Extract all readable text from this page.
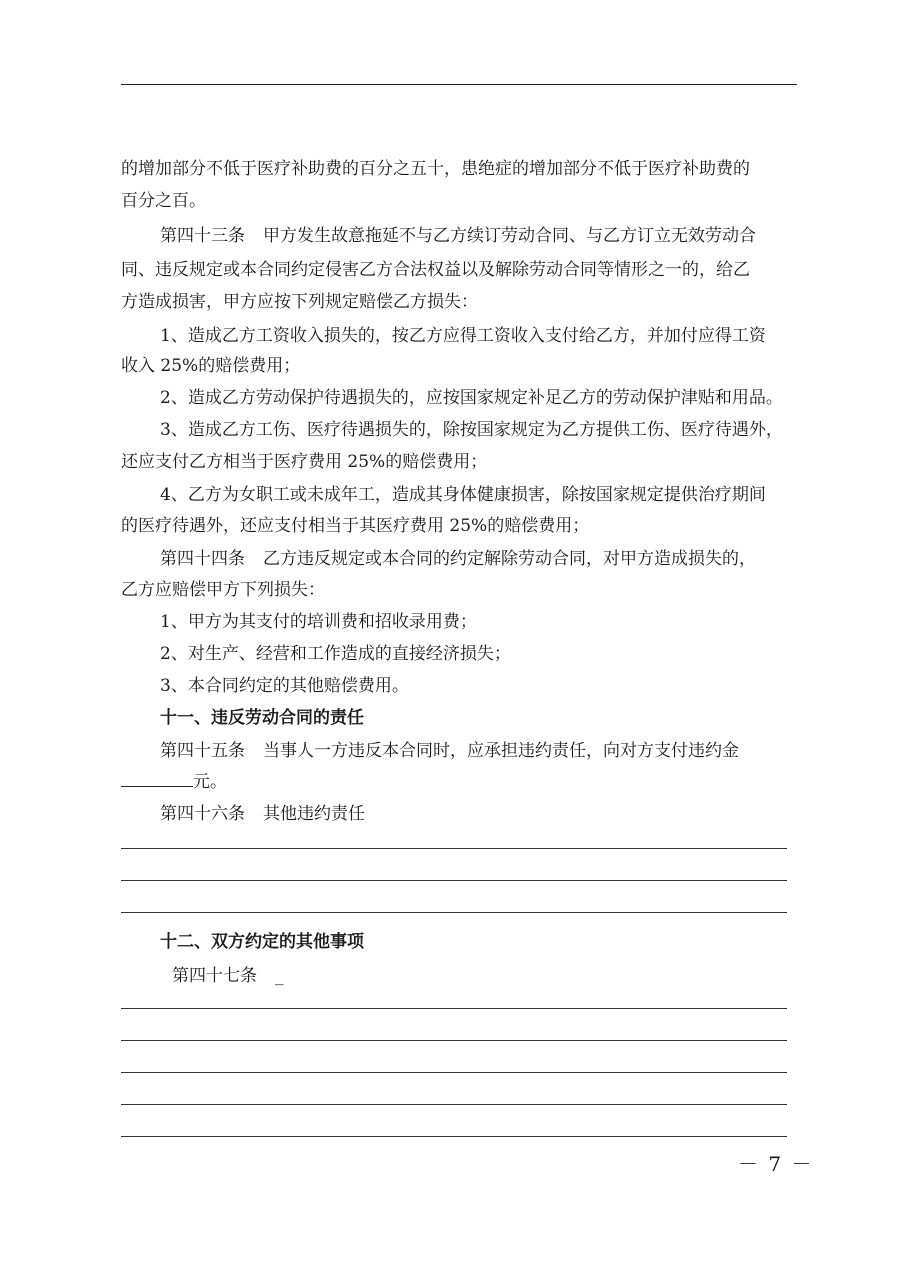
的增加部分不低于医疗补助费的百分之五十，患绝症的增加部分不低于医疗补助费的
百分之百。
第四十三条 甲方发生故意拖延不与乙方续订劳动合同、与乙方订立无效劳动合
同、违反规定或本合同约定侵害乙方合法权益以及解除劳动合同等情形之一的，给乙
方造成损害，甲方应按下列规定赔偿乙方损失：
1、造成乙方工资收入损失的，按乙方应得工资收入支付给乙方，并加付应得工资
收入 25%的赔偿费用；
2、造成乙方劳动保护待遇损失的，应按国家规定补足乙方的劳动保护津贴和用品。
3、造成乙方工伤、医疗待遇损失的，除按国家规定为乙方提供工伤、医疗待遇外，
还应支付乙方相当于医疗费用 25%的赔偿费用；
4、乙方为女职工或未成年工，造成其身体健康损害，除按国家规定提供治疗期间
的医疗待遇外，还应支付相当于其医疗费用 25%的赔偿费用；
第四十四条 乙方违反规定或本合同的约定解除劳动合同，对甲方造成损失的，
乙方应赔偿甲方下列损失：
1、甲方为其支付的培训费和招收录用费；
2、对生产、经营和工作造成的直接经济损失；
3、本合同约定的其他赔偿费用。
十一、违反劳动合同的责任
第四十五条 当事人一方违反本合同时，应承担违约责任，向对方支付违约金
元。
第四十六条 其他违约责任
十二、双方约定的其他事项
第四十七条 _
－ 7 －
